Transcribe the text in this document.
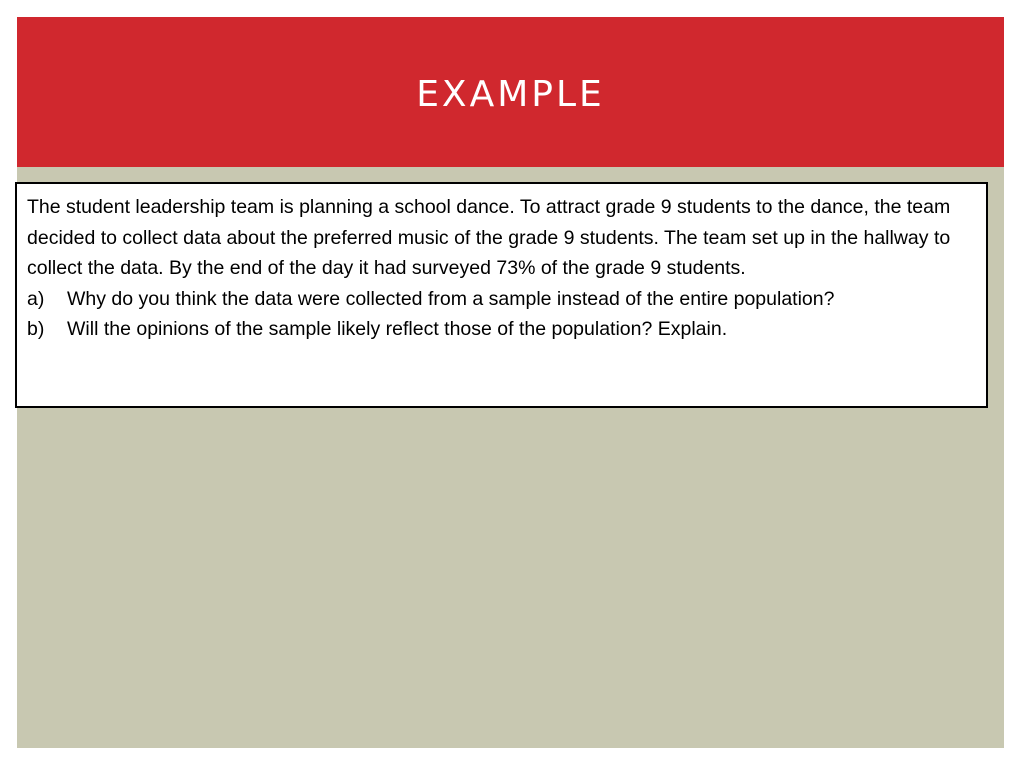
EXAMPLE

The student leadership team is planning a school dance. To attract grade 9 students to the dance, the team decided to collect data about the preferred music of the grade 9 students. The team set up in the hallway to collect the data. By the end of the day it had surveyed 73% of the grade 9 students.

a) Why do you think the data were collected from a sample instead of the entire population?
b) Will the opinions of the sample likely reflect those of the population? Explain.
